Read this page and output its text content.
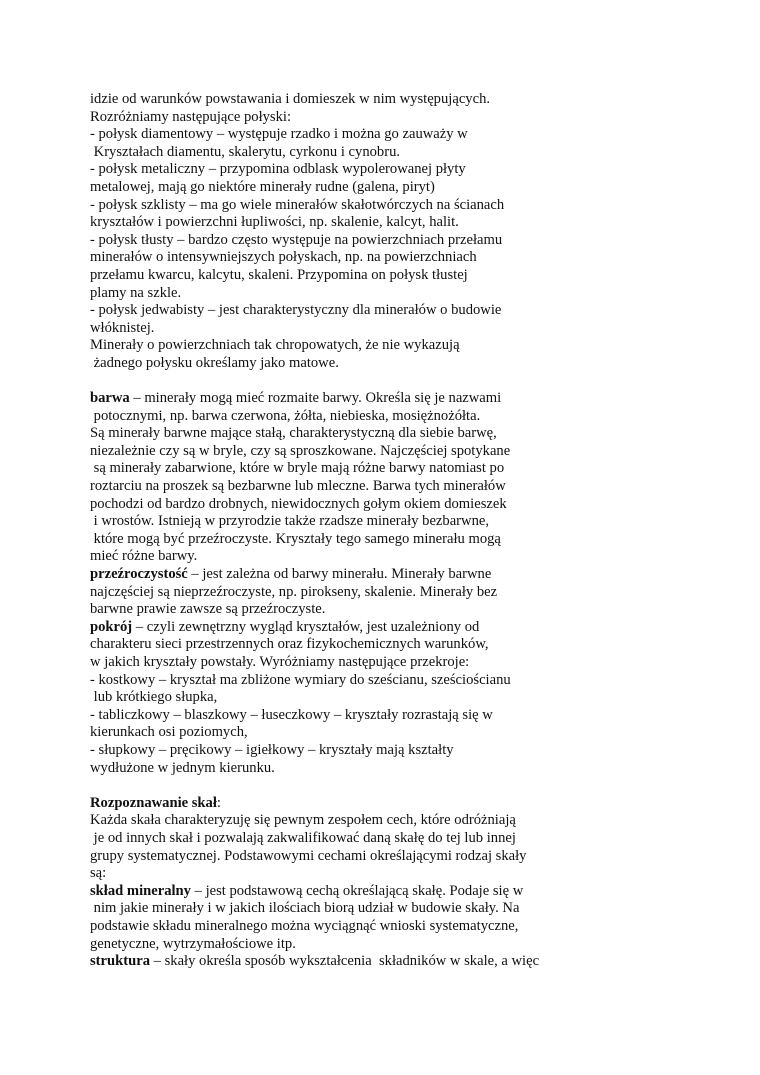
idzie od warunków powstawania i domieszek w nim występujących.
Rozróżniamy następujące połyski:
- połysk diamentowy – występuje rzadko i można go zauważy w
Kryształach diamentu, skalerytu, cyrkonu i cynobru.
- połysk metaliczny – przypomina odblask wypolerowanej płyty
metalowej, mają go niektóre minerały rudne (galena, piryt)
- połysk szklisty – ma go wiele minerałów skałotwórczych na ścianach
kryształów i powierzchni łupliwości, np. skalenie, kalcyt, halit.
- połysk tłusty – bardzo często występuje na powierzchniach przełamu
minerałów o intensywniejszych połyskach, np. na powierzchniach
przełamu kwarcu, kalcytu, skaleni. Przypomina on połysk tłustej
plamy na szkle.
- połysk jedwabisty – jest charakterystyczny dla minerałów o budowie
włóknistej.
Minerały o powierzchniach tak chropowatych, że nie wykazują
żadnego połysku określamy jako matowe.
barwa – minerały mogą mieć rozmaite barwy. Określa się je nazwami
potocznymi, np. barwa czerwona, żółta, niebieska, mosiężnożółta.
Są minerały barwne mające stałą, charakterystyczną dla siebie barwę,
niezależnie czy są w bryle, czy są sproszkowane. Najczęściej spotykane
są minerały zabarwione, które w bryle mają różne barwy natomiast po
roztarciu na proszek są bezbarwne lub mleczne. Barwa tych minerałów
pochodzi od bardzo drobnych, niewidocznych gołym okiem domieszek
i wrostów. Istnieją w przyrodzie także rzadsze minerały bezbarwne,
które mogą być przeźroczyste. Kryształy tego samego minerału mogą
mieć różne barwy.
przeźroczystość – jest zależna od barwy minerału. Minerały barwne
najczęściej są nieprzeźroczyste, np. pirokseny, skalenie. Minerały bez
barwne prawie zawsze są przeźroczyste.
pokrój – czyli zewnętrzny wygląd kryształów, jest uzależniony od
charakteru sieci przestrzennych oraz fizykochemicznych warunków,
w jakich kryształy powstały. Wyróżniamy następujące przekroje:
- kostkowy – kryształ ma zbliżone wymiary do sześcianu, sześciościanu
lub krótkiego słupka,
- tabliczkowy – blaszkowy – łuseczkowy – kryształy rozrastają się w
kierunkach osi poziomych,
- słupkowy – pręcikowy – igiełkowy – kryształy mają kształty
wydłużone w jednym kierunku.
Rozpoznawanie skał:
Każda skała charakteryzuję się pewnym zespołem cech, które odróżniają
je od innych skał i pozwalają zakwalifikować daną skałę do tej lub innej
grupy systematycznej. Podstawowymi cechami określającymi rodzaj skały
są:
skład mineralny – jest podstawową cechą określającą skałę. Podaje się w
nim jakie minerały i w jakich ilościach biorą udział w budowie skały. Na
podstawie składu mineralnego można wyciągnąć wnioski systematyczne,
genetyczne, wytrzymałościowe itp.
struktura – skały określa sposób wykształcenia  składników w skale, a więc
